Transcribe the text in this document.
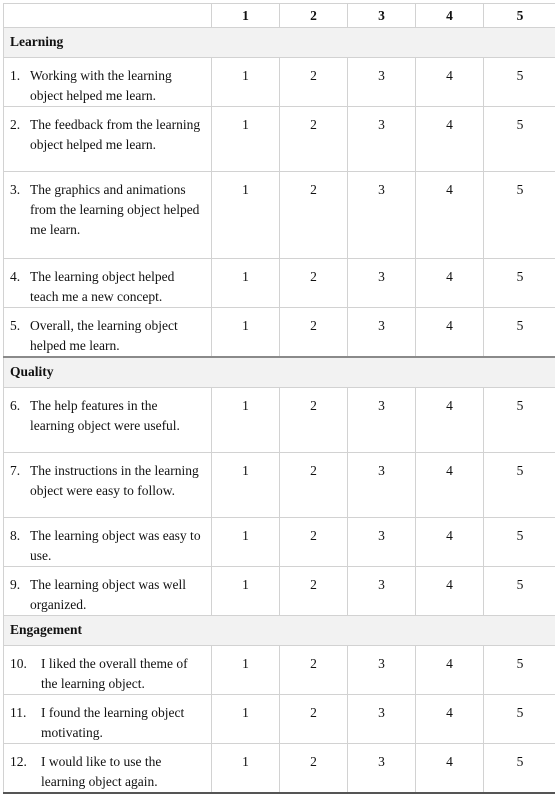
	1	2	3	4	5
Learning					

1. Working with the learning object helped me learn.	1	2	3	4	5

2. The feedback from the learning object helped me learn.	1	2	3	4	5

3. The graphics and animations from the learning object helped me learn.	1	2	3	4	5

4. The learning object helped teach me a new concept.	1	2	3	4	5

5. Overall, the learning object helped me learn.	1	2	3	4	5
Quality					

6. The help features in the learning object were useful.	1	2	3	4	5

7. The instructions in the learning object were easy to follow.	1	2	3	4	5

8. The learning object was easy to use.	1	2	3	4	5

9. The learning object was well organized.	1	2	3	4	5
Engagement					

10. I liked the overall theme of the learning object.	1	2	3	4	5

11. I found the learning object motivating.	1	2	3	4	5

12. I would like to use the learning object again.	1	2	3	4	5
